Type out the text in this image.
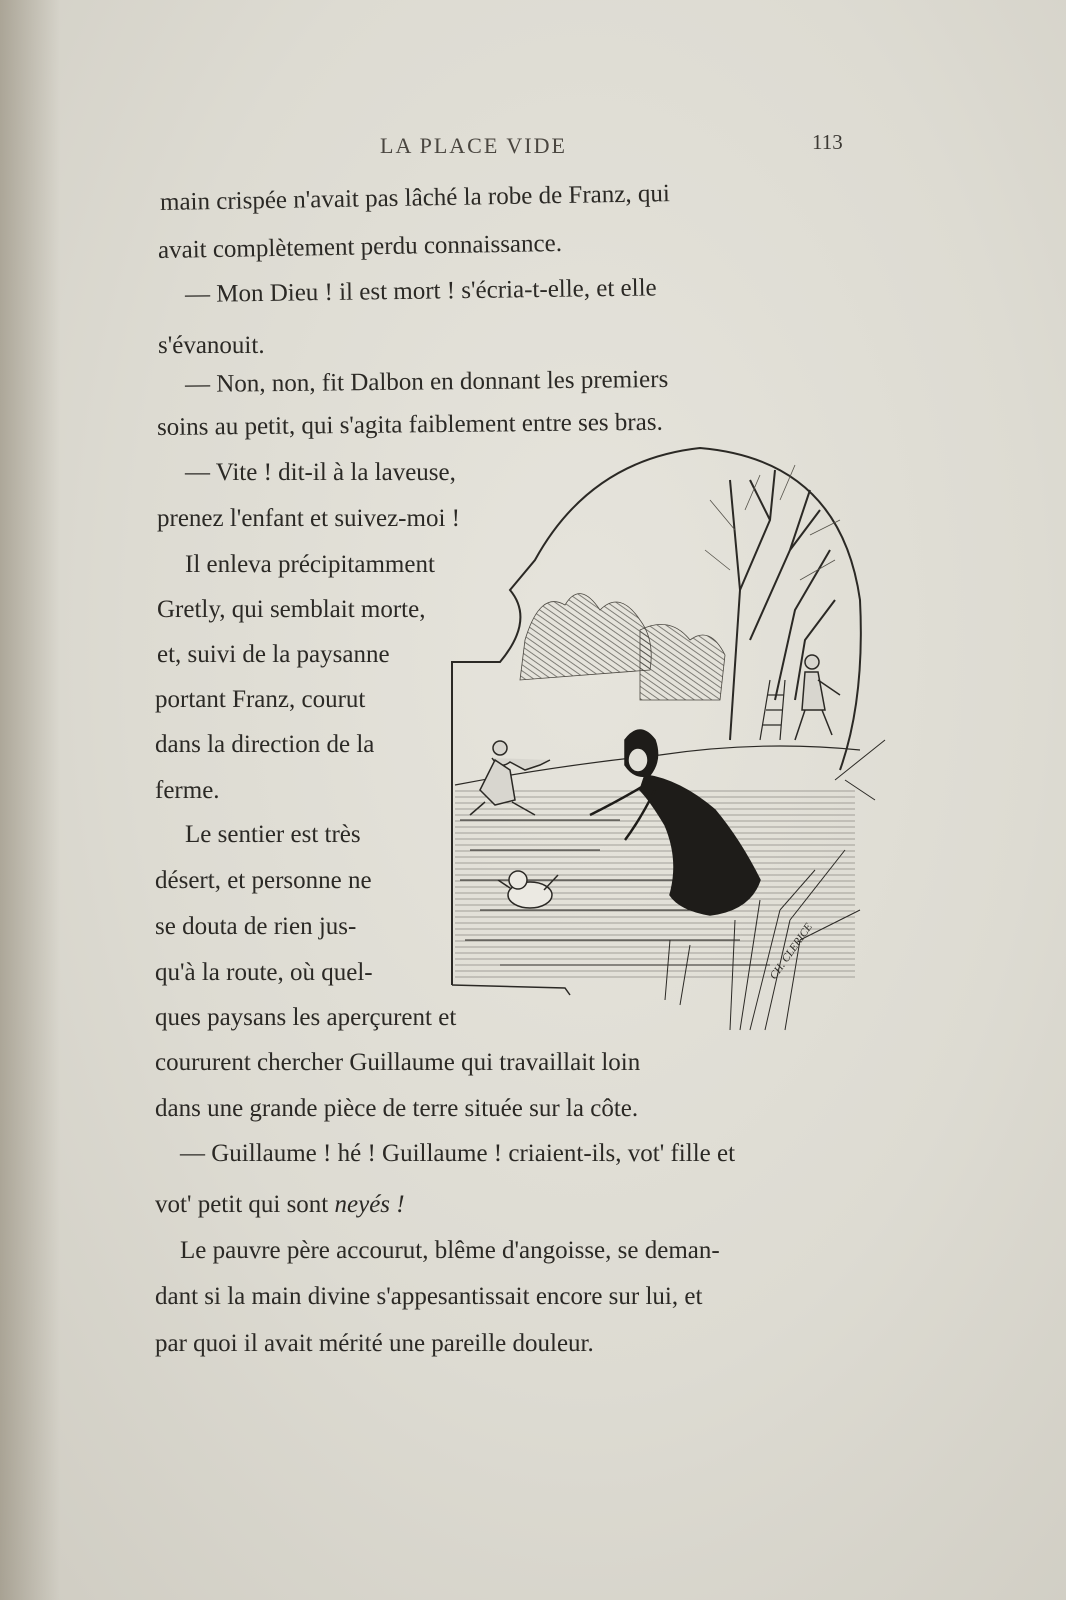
LA PLACE VIDE	113
main crispée n'avait pas lâché la robe de Franz, qui
avait complètement perdu connaissance.
— Mon Dieu ! il est mort ! s'écria-t-elle, et elle
s'évanouit.
— Non, non, fit Dalbon en donnant les premiers
soins au petit, qui s'agita faiblement entre ses bras.
— Vite ! dit-il à la laveuse,
prenez l'enfant et suivez-moi !
Il enleva précipitamment
Gretly, qui semblait morte,
et, suivi de la paysanne
portant Franz, courut
dans la direction de la
ferme.
Le sentier est très
désert, et personne ne
se douta de rien jus-
qu'à la route, où quel-
ques paysans les aperçurent et
coururent chercher Guillaume qui travaillait loin
dans une grande pièce de terre située sur la côte.
— Guillaume ! hé ! Guillaume ! criaient-ils, vot' fille et
vot' petit qui sont neyés !
Le pauvre père accourut, blême d'angoisse, se deman-
dant si la main divine s'appesantissait encore sur lui, et
par quoi il avait mérité une pareille douleur.
CH. CLERICE
